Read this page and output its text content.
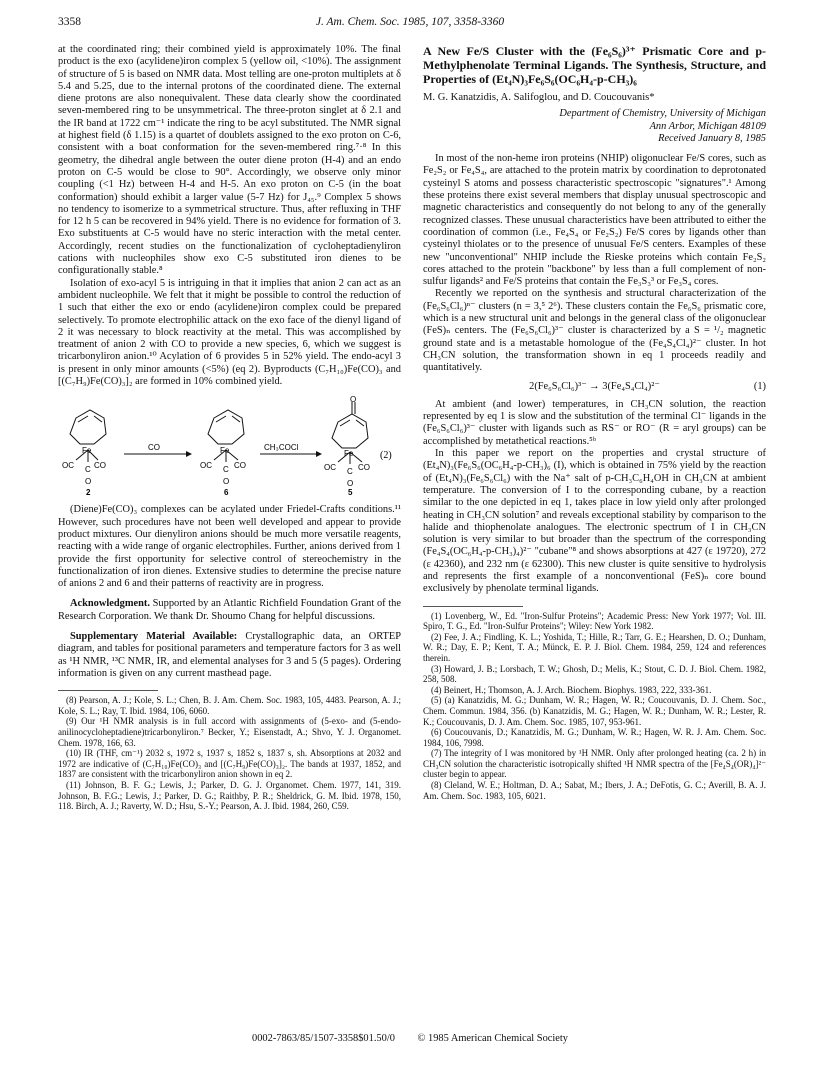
3358	J. Am. Chem. Soc. 1985, 107, 3358-3360

at the coordinated ring; their combined yield is approximately 10%. The final product is the exo (acylidene)iron complex 5 (yellow oil, <10%). The assignment of structure of 5 is based on NMR data. Most telling are one-proton multiplets at δ 5.4 and 5.25, due to the internal protons of the coordinated diene. The external diene protons are also nonequivalent. These data clearly show the coordinated seven-membered ring to be unsymmetrical. The three-proton singlet at δ 2.1 and the IR band at 1722 cm⁻¹ indicate the ring to be acyl substituted. The NMR signal at highest field (δ 1.15) is a quartet of doublets assigned to the exo proton on C-6, consistent with a boat conformation for the seven-membered ring.⁷·⁸ In this geometry, the dihedral angle between the outer diene proton (H-4) and an endo proton on C-5 would be close to 90°. Accordingly, we observe only minor coupling (<1 Hz) between H-4 and H-5. An exo proton on C-5 (in the boat conformation) should exhibit a larger value (5-7 Hz) for J₄₅.⁹ Complex 5 shows no tendency to isomerize to a symmetrical structure. Thus, after refluxing in THF for 12 h 5 can be recovered in 94% yield. There is no evidence for formation of 3. Exo substituents at C-5 would have no steric interaction with the metal center. Accordingly, recent studies on the functionalization of cycloheptadienyliron cations with nucleophiles show exo C-5 substituted iron dienes to be configurationally stable.⁸

Isolation of exo-acyl 5 is intriguing in that it implies that anion 2 can act as an ambident nucleophile. We felt that it might be possible to control the reduction of 1 such that either the exo or endo (acylidene)iron complex could be prepared selectively. To promote electrophilic attack on the exo face of the dienyl ligand of 2 it was necessary to block reactivity at the metal. This was accomplished by treatment of anion 2 with CO to provide a new species, 6, which we suggest is tricarbonyliron anion.¹⁰ Acylation of 6 provides 5 in 52% yield. The endo-acyl 3 is present in only minor amounts (<5%) (eq 2). Byproducts (C₇H₁₀)Fe(CO)₃ and [(C₇H₉)Fe(CO)₃]₂ are formed in 10% combined yield.

Fe
OC C CO
O
2
CO	Fe
OC C CO
O
6
CH₃COCl
O
Fe
OC C CO
O
5
(2)

(Diene)Fe(CO)₃ complexes can be acylated under Friedel-Crafts conditions.¹¹ However, such procedures have not been well developed and appear to provide product mixtures. Our dienyliron anions should be much more versatile reagents, reacting with a wide range of organic electrophiles. Further, anions derived from 1 provide the first opportunity for selective control of stereochemistry in the functionalization of iron dienes. Extensive studies to determine the precise nature of anions 2 and 6 and their patterns of reactivity are in progress.

Acknowledgment. Supported by an Atlantic Richfield Foundation Grant of the Research Corporation. We thank Dr. Shoumo Chang for helpful discussions.

Supplementary Material Available: Crystallographic data, an ORTEP diagram, and tables for positional parameters and temperature factors for 3 as well as ¹H NMR, ¹³C NMR, IR, and elemental analyses for 3 and 5 (5 pages). Ordering information is given on any current masthead page.

(8) Pearson, A. J.; Kole, S. L.; Chen, B. J. Am. Chem. Soc. 1983, 105, 4483. Pearson, A. J.; Kole, S. L.; Ray, T. Ibid. 1984, 106, 6060.

(9) Our ¹H NMR analysis is in full accord with assignments of (5-exo- and (5-endo-anilinocycloheptadiene)tricarbonyliron.⁷ Becker, Y.; Eisenstadt, A.; Shvo, Y. J. Organomet. Chem. 1978, 166, 63.

(10) IR (THF, cm⁻¹) 2032 s, 1972 s, 1937 s, 1852 s, 1837 s, sh. Absorptions at 2032 and 1972 are indicative of (C₇H₁₀)Fe(CO)₃ and [(C₇H₉)Fe(CO)₃]₂. The bands at 1937, 1852, and 1837 are consistent with the tricarbonyliron anion shown in eq 2.

(11) Johnson, B. F. G.; Lewis, J.; Parker, D. G. J. Organomet. Chem. 1977, 141, 319. Johnson, B. F.G.; Lewis, J.; Parker, D. G.; Raithby, P. R.; Sheldrick, G. M. Ibid. 1978, 150, 118. Birch, A. J.; Raverty, W. D.; Hsu, S.-Y.; Pearson, A. J. Ibid. 1984, 260, C59.

A New Fe/S Cluster with the (Fe₆S₆)³⁺ Prismatic Core and p-Methylphenolate Terminal Ligands. The Synthesis, Structure, and Properties of (Et₄N)₃Fe₆S₆(OC₆H₄-p-CH₃)₆

M. G. Kanatzidis, A. Salifoglou, and D. Coucouvanis*

Department of Chemistry, University of Michigan

Ann Arbor, Michigan 48109

Received January 8, 1985

In most of the non-heme iron proteins (NHIP) oligonuclear Fe/S cores, such as Fe₂S₂ or Fe₄S₄, are attached to the protein matrix by coordination to deprotonated cysteinyl S atoms and possess characteristic spectroscopic "signatures".¹ Among these proteins there exist several members that display unusual spectroscopic and magnetic characteristics and consequently do not belong to any of the generally recognized classes. These unusual characteristics have been attributed to either the coordination of common (i.e., Fe₄S₄ or Fe₂S₂) Fe/S cores by ligands other than cysteinyl thiolates or to the presence of unusual Fe/S centers. Examples of these new "unconventional" NHIP include the Rieske proteins which contain Fe₂S₂ cores attached to the protein "backbone" by less than a full complement of non-sulfur ligands² and Fe/S proteins that contain the Fe₃S₃³ or Fe₃S₄ cores.

Recently we reported on the synthesis and structural characterization of the (Fe₆S₆Cl₆)ⁿ⁻ clusters (n = 3,⁵ 2⁶). These clusters contain the Fe₆S₆ prismatic core, which is a new structural unit and belongs in the general class of the oligonuclear (FeS)ₙ centers. The (Fe₆S₆Cl₆)³⁻ cluster is characterized by a S = ¹/₂ magnetic ground state and is a metastable homologue of the (Fe₄S₄Cl₄)²⁻ cluster. In hot CH₃CN solution, the transformation shown in eq 1 proceeds readily and quantitatively.

2(Fe₆S₆Cl₆)³⁻ → 3(Fe₄S₄Cl₄)²⁻	(1)

At ambient (and lower) temperatures, in CH₃CN solution, the reaction represented by eq 1 is slow and the substitution of the terminal Cl⁻ ligands in the (Fe₆S₆Cl₆)³⁻ cluster with ligands such as RS⁻ or RO⁻ (R = aryl groups) can be accomplished by metathetical reactions.⁵ᵇ

In this paper we report on the properties and crystal structure of (Et₄N)₃(Fe₆S₆(OC₆H₄-p-CH₃)₆ (I), which is obtained in 75% yield by the reaction of (Et₄N)₃(Fe₆S₆Cl₆) with the Na⁺ salt of p-CH₃C₆H₄OH in CH₃CN at ambient temperature. The conversion of I to the corresponding cubane, by a reaction similar to the one depicted in eq 1, takes place in low yield only after prolonged heating in CH₃CN solution⁷ and reveals exceptional stability by comparison to the halide and thiophenolate analogues. The electronic spectrum of I in CH₃CN solution is very similar to but broader than the spectrum of the corresponding (Fe₄S₄(OC₆H₄-p-CH₃)₄)²⁻ "cubane"⁸ and shows absorptions at 427 (ε 19720), 272 (ε 42360), and 232 nm (ε 62300). This new cluster is quite sensitive to hydrolysis and represents the first example of a nonconventional (FeS)ₙ core bound exclusively by phenolate terminal ligands.

(1) Lovenberg, W., Ed. "Iron-Sulfur Proteins"; Academic Press: New York 1977; Vol. III. Spiro, T. G., Ed. "Iron-Sulfur Proteins"; Wiley: New York 1982.

(2) Fee, J. A.; Findling, K. L.; Yoshida, T.; Hille, R.; Tarr, G. E.; Hearshen, D. O.; Dunham, W. R.; Day, E. P.; Kent, T. A.; Münck, E. P. J. Biol. Chem. 1984, 259, 124 and references therein.

(3) Howard, J. B.; Lorsbach, T. W.; Ghosh, D.; Melis, K.; Stout, C. D. J. Biol. Chem. 1982, 258, 508.

(4) Beinert, H.; Thomson, A. J. Arch. Biochem. Biophys. 1983, 222, 333-361.

(5) (a) Kanatzidis, M. G.; Dunham, W. R.; Hagen, W. R.; Coucouvanis, D. J. Chem. Soc., Chem. Commun. 1984, 356. (b) Kanatzidis, M. G.; Hagen, W. R.; Dunham, W. R.; Lester, R. K.; Coucouvanis, D. J. Am. Chem. Soc. 1985, 107, 953-961.

(6) Coucouvanis, D.; Kanatzidis, M. G.; Dunham, W. R.; Hagen, W. R. J. Am. Chem. Soc. 1984, 106, 7998.

(7) The integrity of I was monitored by ¹H NMR. Only after prolonged heating (ca. 2 h) in CH₃CN solution the characteristic isotropically shifted ¹H NMR spectra of the [Fe₄S₄(OR)₄]²⁻ cluster begin to appear.

(8) Cleland, W. E.; Holtman, D. A.; Sabat, M.; Ibers, J. A.; DeFotis, G. C.; Averill, B. A. J. Am. Chem. Soc. 1983, 105, 6021.

0002-7863/85/1507-3358$01.50/0 © 1985 American Chemical Society
